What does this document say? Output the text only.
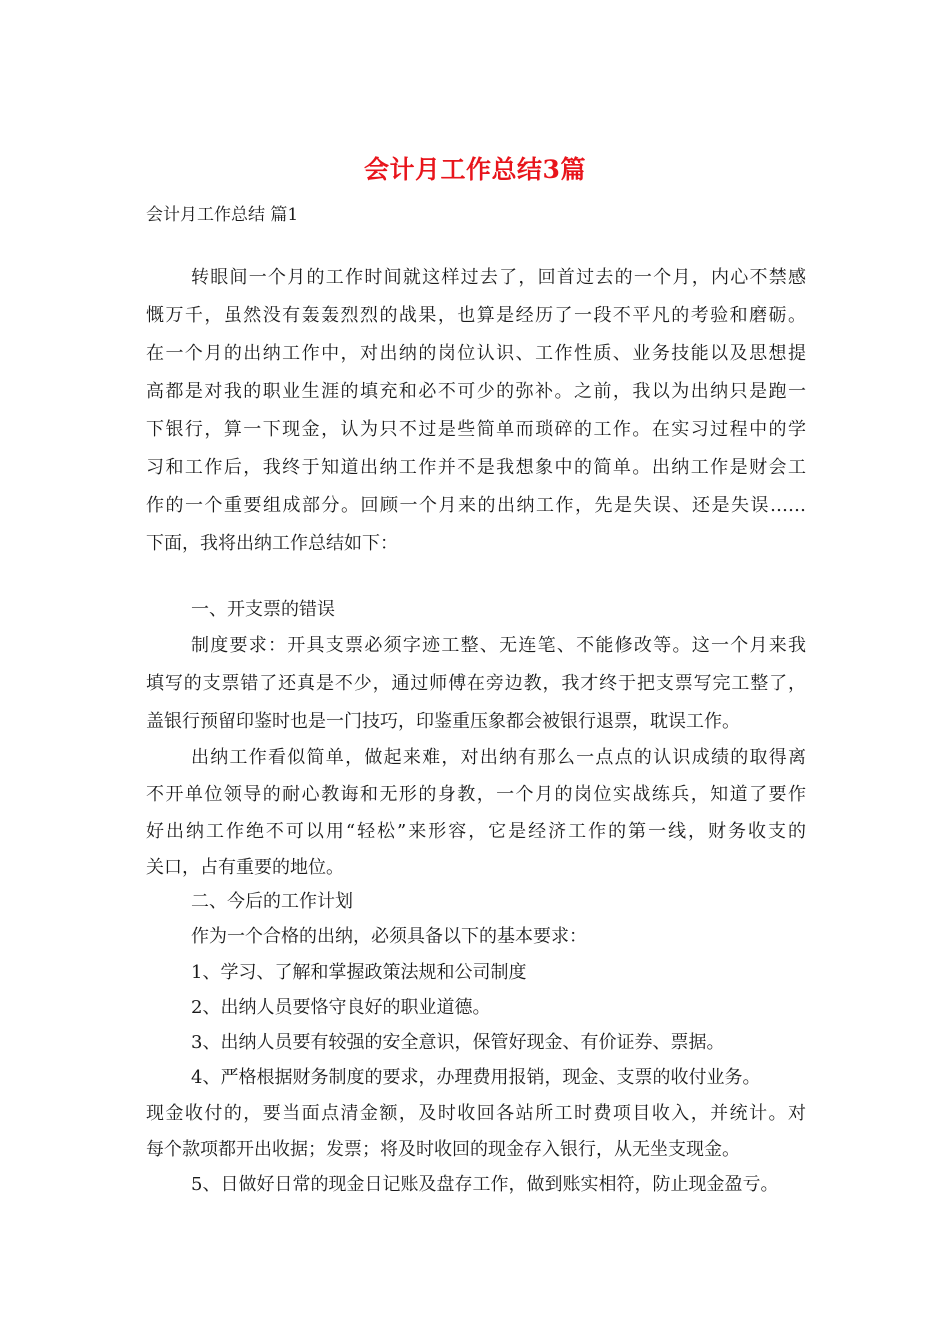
会计月工作总结3篇

会计月工作总结 篇1

转眼间一个月的工作时间就这样过去了，回首过去的一个月，内心不禁感

慨万千，虽然没有轰轰烈烈的战果，也算是经历了一段不平凡的考验和磨砺。

在一个月的出纳工作中，对出纳的岗位认识、工作性质、业务技能以及思想提

高都是对我的职业生涯的填充和必不可少的弥补。之前，我以为出纳只是跑一

下银行，算一下现金，认为只不过是些简单而琐碎的工作。在实习过程中的学

习和工作后，我终于知道出纳工作并不是我想象中的简单。出纳工作是财会工

作的一个重要组成部分。回顾一个月来的出纳工作，先是失误、还是失误……

下面，我将出纳工作总结如下：

一、开支票的错误

制度要求：开具支票必须字迹工整、无连笔、不能修改等。这一个月来我

填写的支票错了还真是不少，通过师傅在旁边教，我才终于把支票写完工整了，

盖银行预留印鉴时也是一门技巧，印鉴重压象都会被银行退票，耽误工作。

出纳工作看似简单，做起来难，对出纳有那么一点点的认识成绩的取得离

不开单位领导的耐心教诲和无形的身教，一个月的岗位实战练兵，知道了要作

好出纳工作绝不可以用“轻松”来形容，它是经济工作的第一线，财务收支的

关口，占有重要的地位。

二、今后的工作计划

作为一个合格的出纳，必须具备以下的基本要求：

1、学习、了解和掌握政策法规和公司制度

2、出纳人员要恪守良好的职业道德。

3、出纳人员要有较强的安全意识，保管好现金、有价证券、票据。

4、严格根据财务制度的要求，办理费用报销，现金、支票的收付业务。

现金收付的，要当面点清金额，及时收回各站所工时费项目收入，并统计。对

每个款项都开出收据；发票；将及时收回的现金存入银行，从无坐支现金。

5、日做好日常的现金日记账及盘存工作，做到账实相符，防止现金盈亏。
